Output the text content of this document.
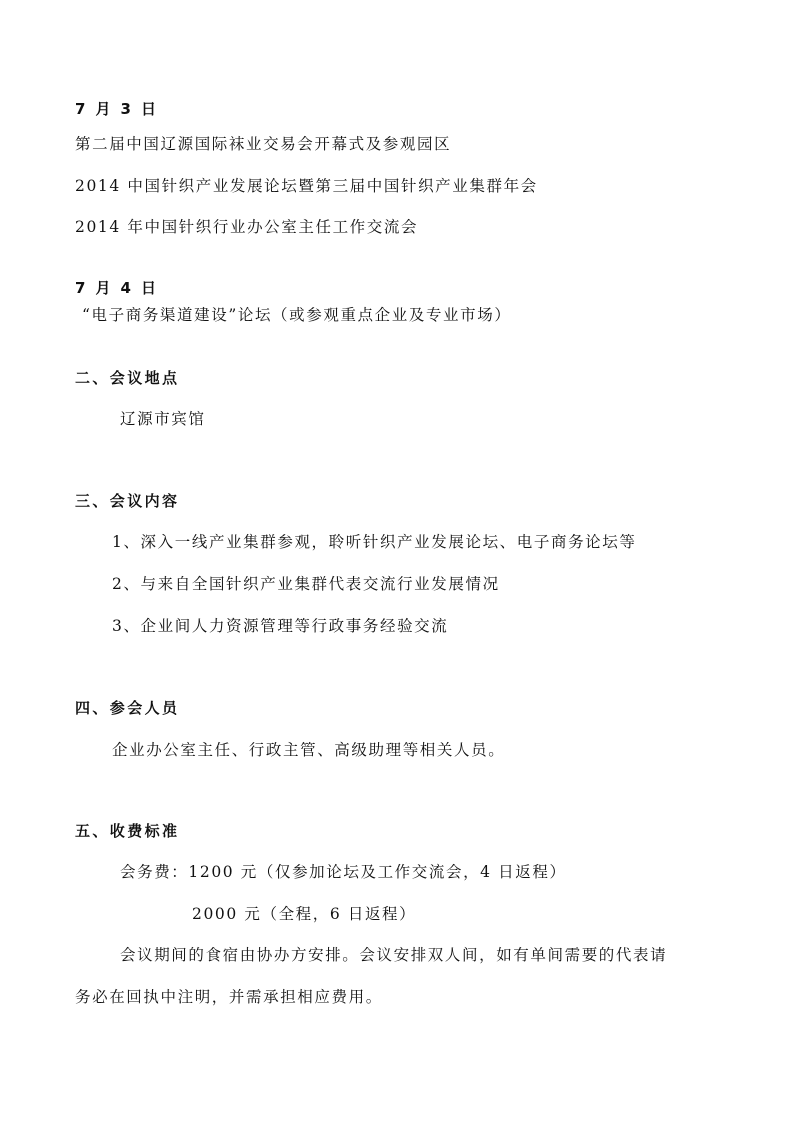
7 月 3 日
第二届中国辽源国际袜业交易会开幕式及参观园区
2014 中国针织产业发展论坛暨第三届中国针织产业集群年会
2014 年中国针织行业办公室主任工作交流会
7 月 4 日
“电子商务渠道建设”论坛（或参观重点企业及专业市场）
二、会议地点
辽源市宾馆
三、会议内容
1、深入一线产业集群参观，聆听针织产业发展论坛、电子商务论坛等
2、与来自全国针织产业集群代表交流行业发展情况
3、企业间人力资源管理等行政事务经验交流
四、参会人员
企业办公室主任、行政主管、高级助理等相关人员。
五、收费标准
会务费：1200 元（仅参加论坛及工作交流会，4 日返程）
2000 元（全程，6 日返程）
会议期间的食宿由协办方安排。会议安排双人间，如有单间需要的代表请
务必在回执中注明，并需承担相应费用。
